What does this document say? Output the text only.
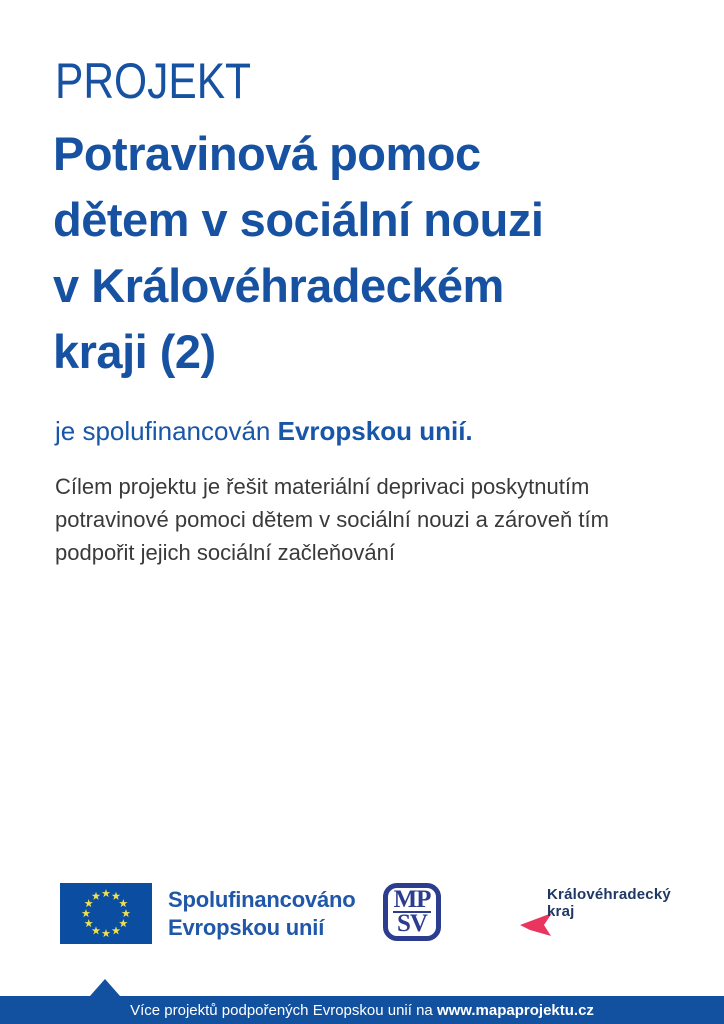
PROJEKT
Potravinová pomoc
dětem v sociální nouzi
v Královéhradeckém
kraji (2)
je spolufinancován Evropskou unií.
Cílem projektu je řešit materiální deprivaci poskytnutím potravinové pomoci dětem v sociální nouzi a zároveň tím podpořit jejich sociální začleňování
Spolufinancováno
Evropskou unií
MP
SV
Královéhradecký
kraj
Více projektů podpořených Evropskou unií na www.mapaprojektu.cz
